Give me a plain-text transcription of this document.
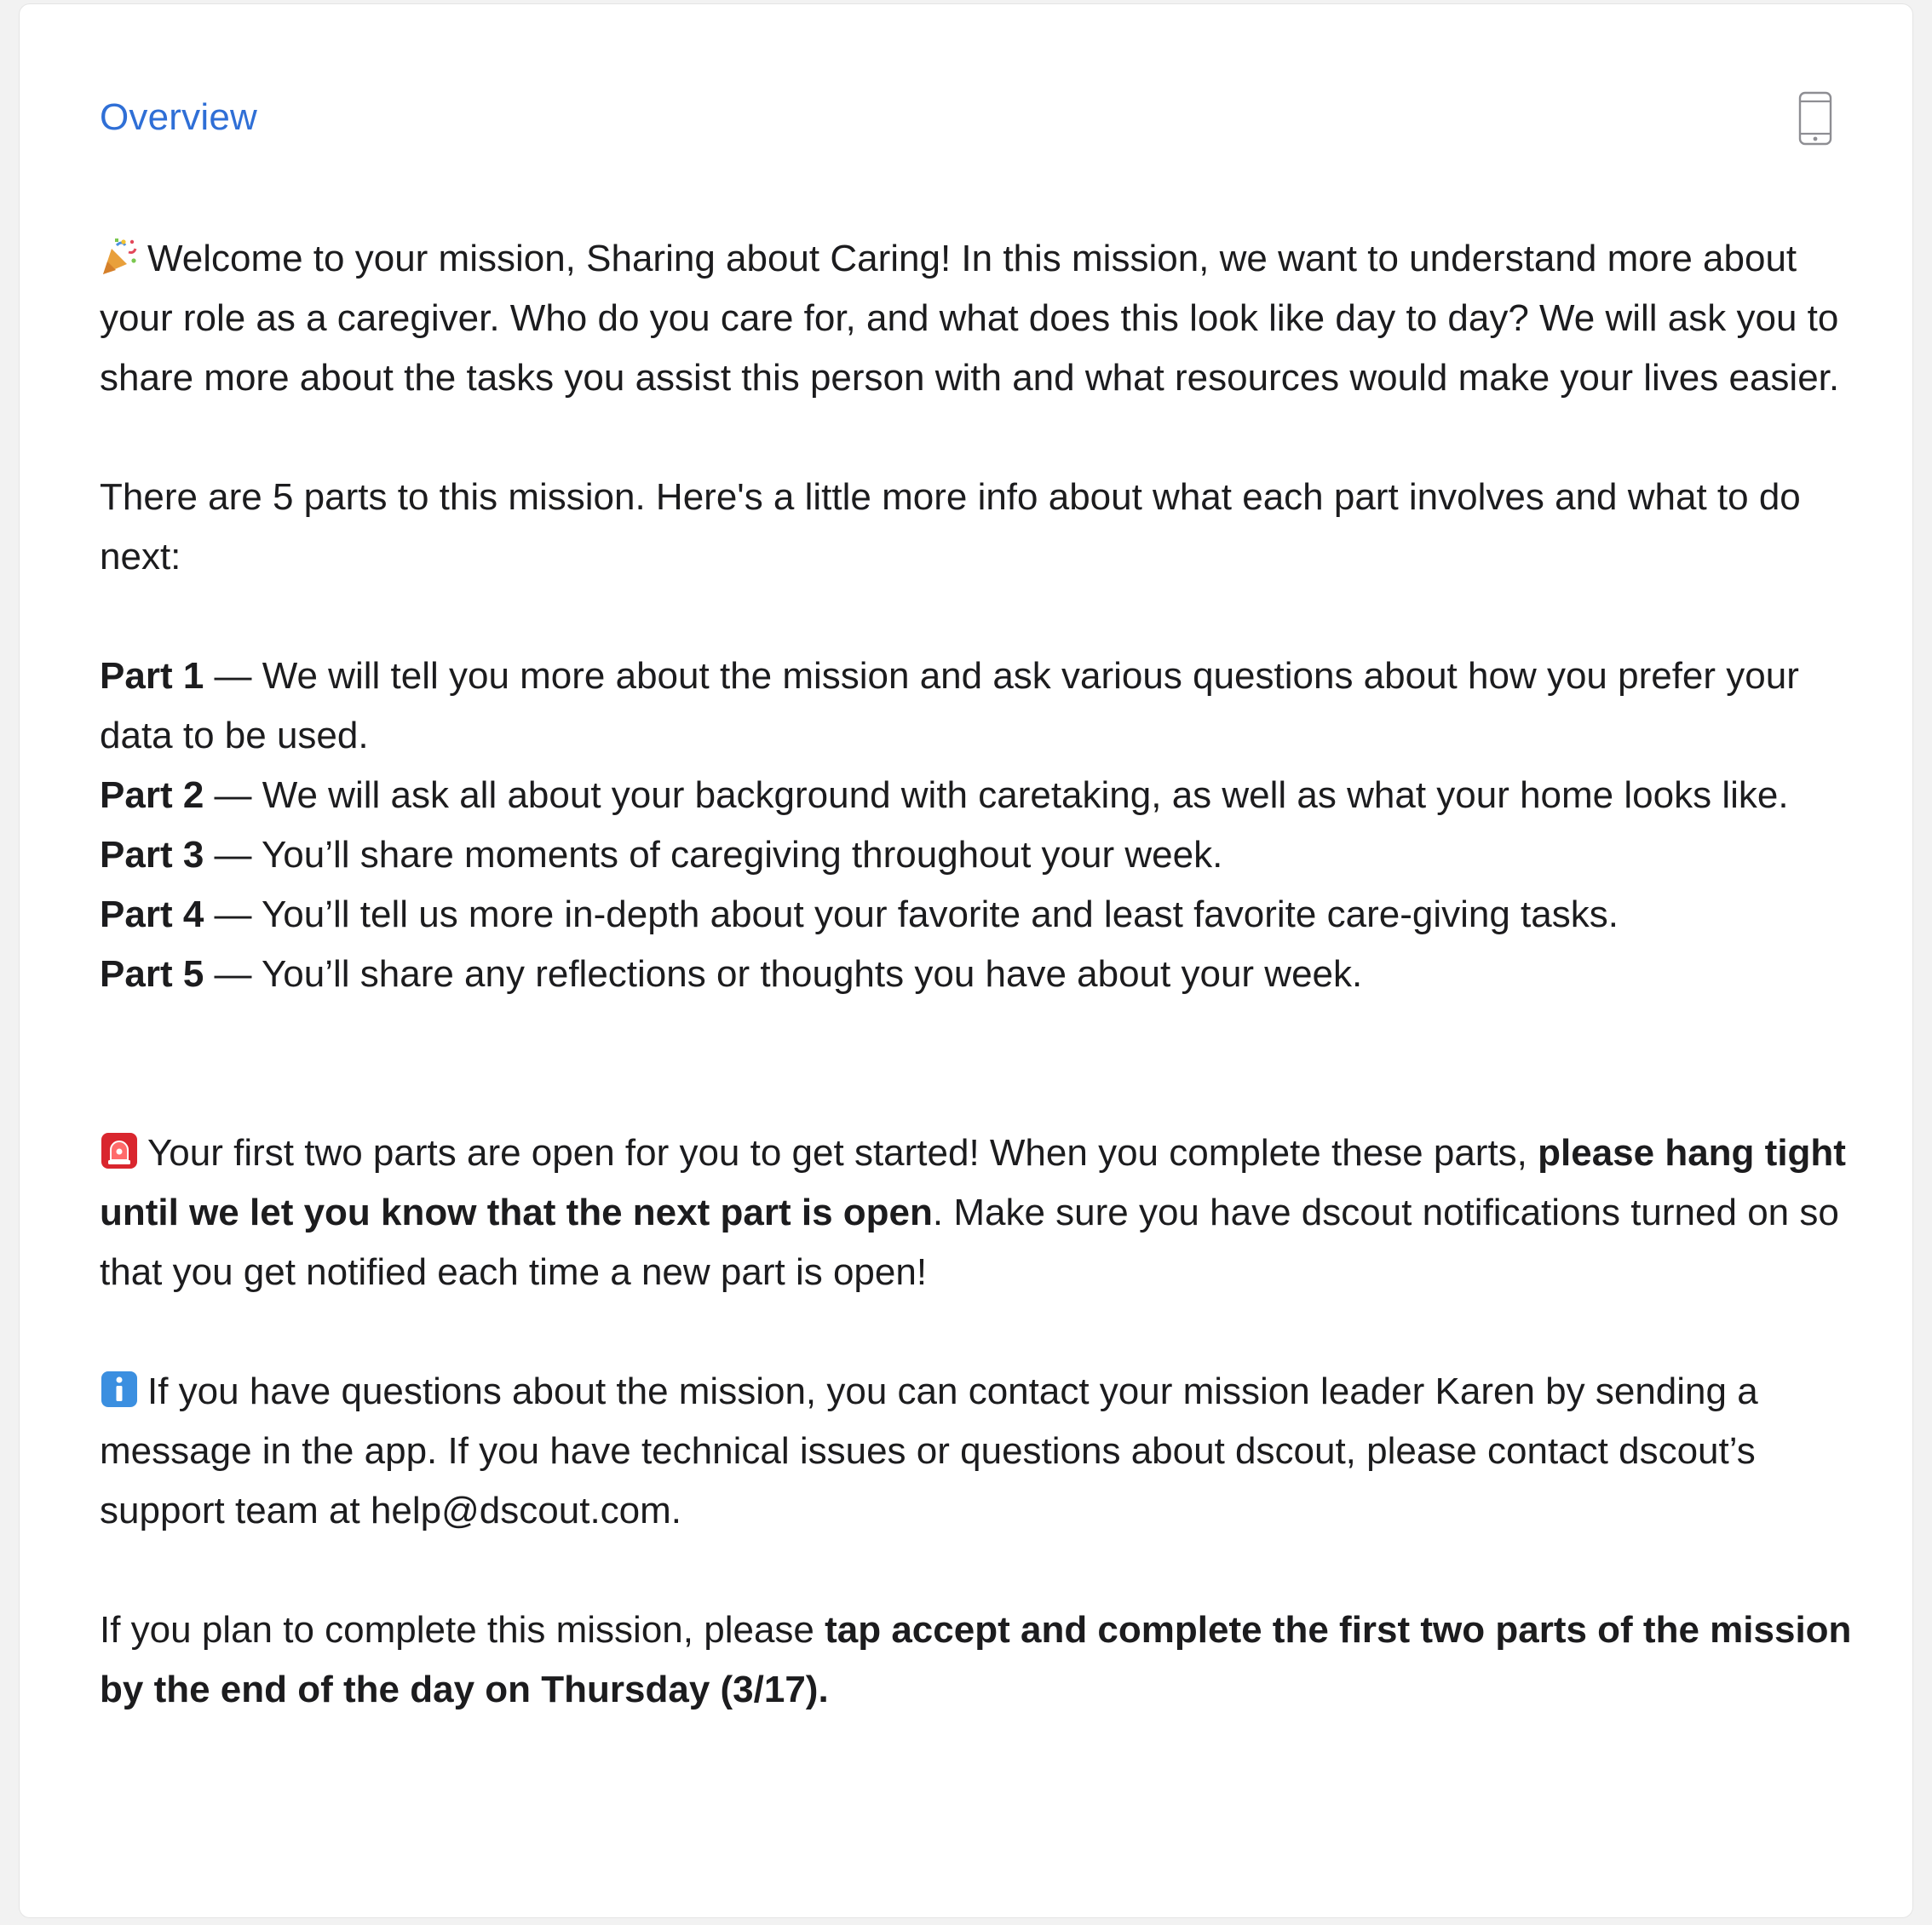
Overview

Welcome to your mission, Sharing about Caring! In this mission, we want to understand more about your role as a caregiver. Who do you care for, and what does this look like day to day? We will ask you to share more about the tasks you assist this person with and what resources would make your lives easier.

There are 5 parts to this mission. Here's a little more info about what each part involves and what to do next:

Part 1 — We will tell you more about the mission and ask various questions about how you prefer your data to be used.

Part 2 — We will ask all about your background with caretaking, as well as what your home looks like.

Part 3 — You’ll share moments of caregiving throughout your week.

Part 4 — You’ll tell us more in-depth about your favorite and least favorite care-giving tasks.

Part 5 — You’ll share any reflections or thoughts you have about your week.

Your first two parts are open for you to get started! When you complete these parts, please hang tight until we let you know that the next part is open. Make sure you have dscout notifications turned on so that you get notified each time a new part is open!

If you have questions about the mission, you can contact your mission leader Karen by sending a message in the app. If you have technical issues or questions about dscout, please contact dscout’s support team at help@dscout.com.

If you plan to complete this mission, please tap accept and complete the first two parts of the mission by the end of the day on Thursday (3/17).
